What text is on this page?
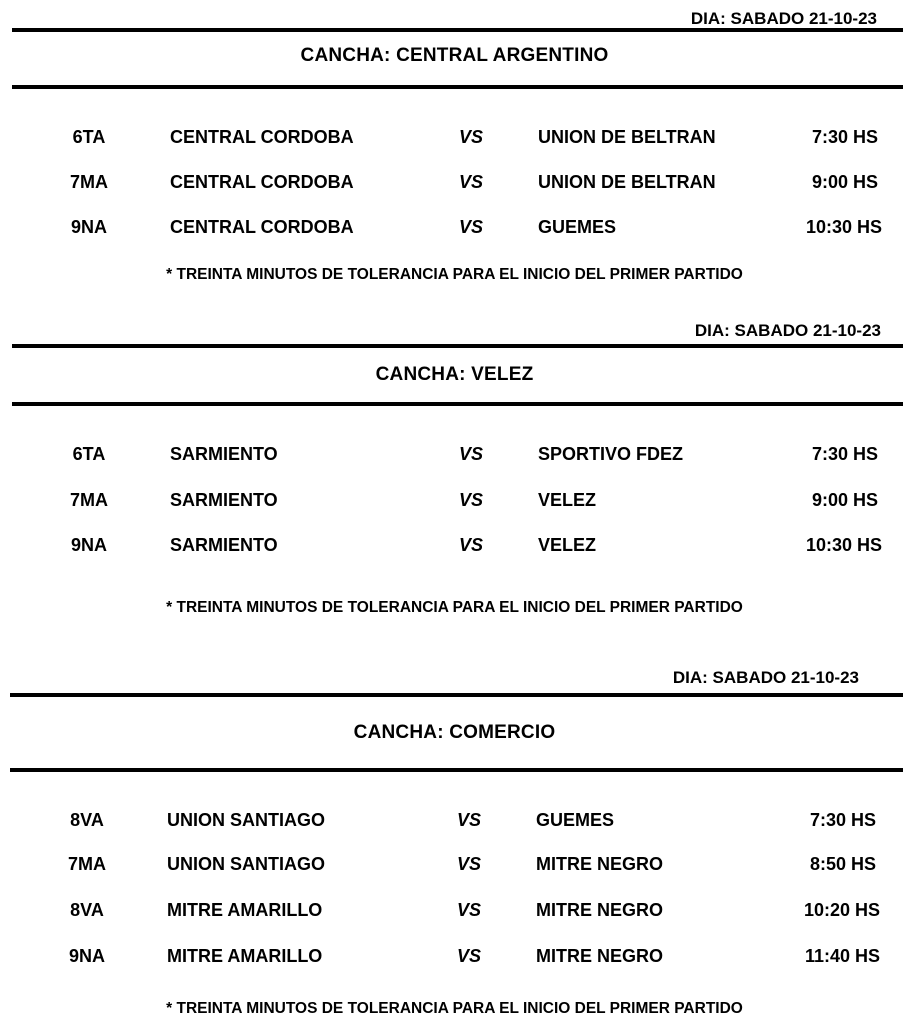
DIA: SABADO 21-10-23
CANCHA: CENTRAL ARGENTINO
6TA	CENTRAL CORDOBA	VS	UNION DE BELTRAN	7:30 HS
7MA	CENTRAL CORDOBA	VS	UNION DE BELTRAN	9:00 HS
9NA	CENTRAL CORDOBA	VS	GUEMES	10:30 HS
* TREINTA MINUTOS DE TOLERANCIA PARA EL INICIO DEL PRIMER PARTIDO
DIA: SABADO 21-10-23
CANCHA: VELEZ
6TA	SARMIENTO	VS	SPORTIVO FDEZ	7:30 HS
7MA	SARMIENTO	VS	VELEZ	9:00 HS
9NA	SARMIENTO	VS	VELEZ	10:30 HS
* TREINTA MINUTOS DE TOLERANCIA PARA EL INICIO DEL PRIMER PARTIDO
DIA: SABADO 21-10-23
CANCHA: COMERCIO
8VA	UNION SANTIAGO	VS	GUEMES	7:30 HS
7MA	UNION SANTIAGO	VS	MITRE NEGRO	8:50 HS
8VA	MITRE AMARILLO	VS	MITRE NEGRO	10:20 HS
9NA	MITRE AMARILLO	VS	MITRE NEGRO	11:40 HS
* TREINTA MINUTOS DE TOLERANCIA PARA EL INICIO DEL PRIMER PARTIDO
